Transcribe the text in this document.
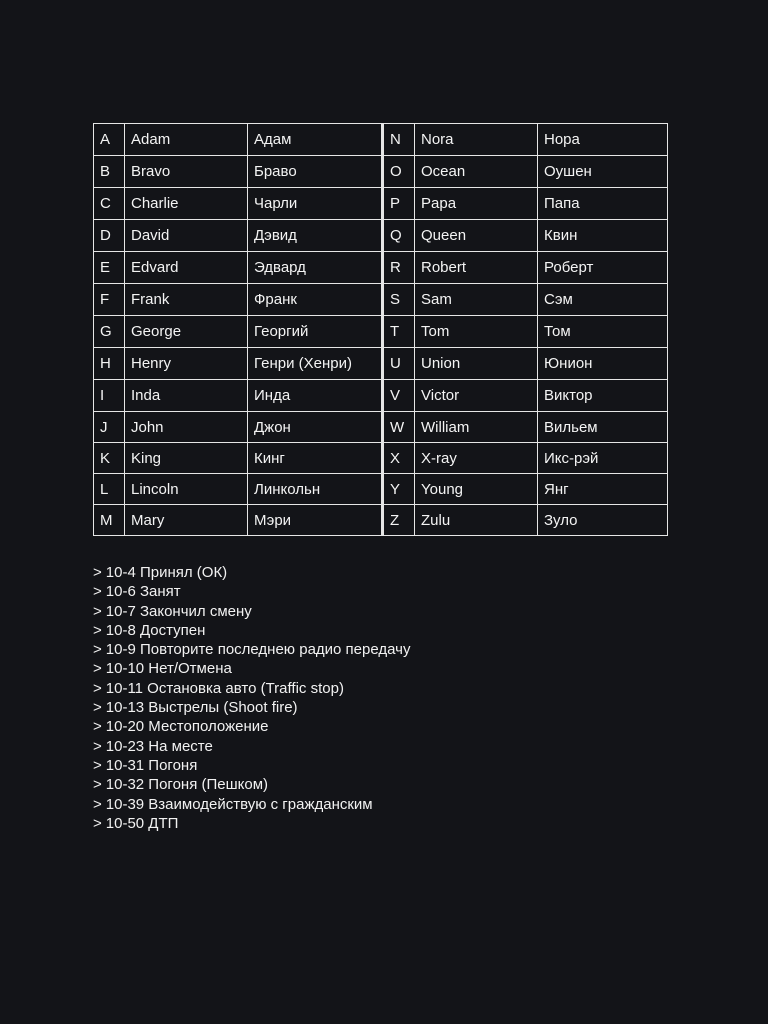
A	Adam	Адам	N	Nora	Нора
B	Bravo	Браво	O	Ocean	Оушен
C	Charlie	Чарли	P	Papa	Папа
D	David	Дэвид	Q	Queen	Квин
E	Edvard	Эдвард	R	Robert	Роберт
F	Frank	Франк	S	Sam	Сэм
G	George	Георгий	T	Tom	Том
H	Henry	Генри (Хенри)	U	Union	Юнион
I	Inda	Инда	V	Victor	Виктор
J	John	Джон	W	William	Вильем
K	King	Кинг	X	X-ray	Икс-рэй
L	Lincoln	Линкольн	Y	Young	Янг
M	Mary	Мэри	Z	Zulu	Зуло
> 10-4 Принял (ОК)
> 10-6 Занят
> 10-7 Закончил смену
> 10-8 Доступен
> 10-9 Повторите последнею радио передачу
> 10-10 Нет/Отмена
> 10-11 Остановка авто (Traffic stop)
> 10-13 Выстрелы (Shoot fire)
> 10-20 Местоположение
> 10-23 На месте
> 10-31 Погоня
> 10-32 Погоня (Пешком)
> 10-39 Взаимодействую с гражданским
> 10-50 ДТП
